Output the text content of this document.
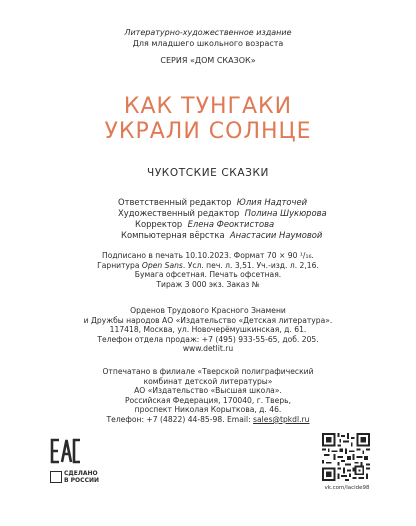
Литературно-художественное издание
Для младшего школьного возраста
СЕРИЯ «ДОМ СКАЗОК»
КАК ТУНГАКИ
УКРАЛИ СОЛНЦЕ
ЧУКОТСКИЕ СКАЗКИ
Ответственный редактор Юлия Надточей
Художественный редактор Полина Шукюрова
Корректор Елена Феоктистова
Компьютерная вёрстка Анастасии Наумовой
Подписано в печать 10.10.2023. Формат 70 × 90 ¹/₁₆.
Гарнитура Open Sans. Усл. печ. л. 3,51. Уч.-изд. л. 2,16.
Бумага офсетная. Печать офсетная.
Тираж 3 000 экз. Заказ №
Орденов Трудового Красного Знамени
и Дружбы народов АО «Издательство «Детская литература».
117418, Москва, ул. Новочерёмушкинская, д. 61.
Телефон отдела продаж: +7 (495) 933-55-65, доб. 205.
www.detlit.ru
Отпечатано в филиале «Тверской полиграфический
комбинат детской литературы»
АО «Издательство «Высшая школа».
Российская Федерация, 170040, г. Тверь,
проспект Николая Корыткова, д. 46.
Телефон: +7 (4822) 44-85-98. Email: sales@tpkdl.ru
СДЕЛАНО
В РОССИИ
vk.com/lacide98
